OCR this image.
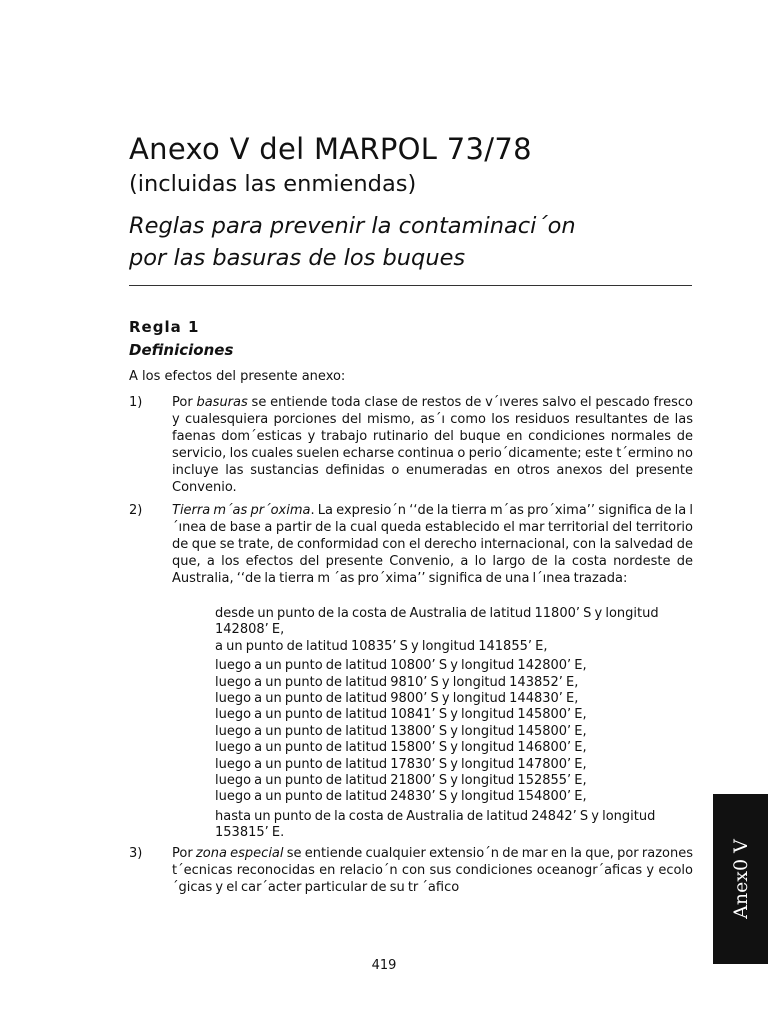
Anexo V del MARPOL 73/78
(incluidas las enmiendas)
Reglas para prevenir la contaminaci´on
por las basuras de los buques
Regla 1
Definiciones
A los efectos del presente anexo:
1) Por basuras se entiende toda clase de restos de v´ıveres salvo el pescado fresco y cualesquiera porciones del mismo, as´ı como los residuos resultantes de las faenas dom´esticas y trabajo rutinario del buque en condiciones normales de servicio, los cuales suelen echarse continua o perio´dicamente; este t´ermino no incluye las sustancias definidas o enumeradas en otros anexos del presente Convenio.
2) Tierra m´as pr´oxima. La expresio´n ‘‘de la tierra m´as pro´xima’’ significa de la l´ınea de base a partir de la cual queda establecido el mar territorial del territorio de que se trate, de conformidad con el derecho internacional, con la salvedad de que, a los efectos del presente Convenio, a lo largo de la costa nordeste de Australia, ‘‘de la tierra m ´as pro´xima’’ significa de una l´ınea trazada:
desde un punto de la costa de Australia de latitud 11800’ S y longitud 142808’ E,
a un punto de latitud 10835’ S y longitud 141855’ E,
luego a un punto de latitud 10800’ S y longitud 142800’ E,
luego a un punto de latitud 9810’ S y longitud 143852’ E,
luego a un punto de latitud 9800’ S y longitud 144830’ E,
luego a un punto de latitud 10841’ S y longitud 145800’ E,
luego a un punto de latitud 13800’ S y longitud 145800’ E,
luego a un punto de latitud 15800’ S y longitud 146800’ E,
luego a un punto de latitud 17830’ S y longitud 147800’ E,
luego a un punto de latitud 21800’ S y longitud 152855’ E,
luego a un punto de latitud 24830’ S y longitud 154800’ E,
hasta un punto de la costa de Australia de latitud 24842’ S y longitud 153815’ E.
3) Por zona especial se entiende cualquier extensio´n de mar en la que, por razones t´ecnicas reconocidas en relacio´n con sus condiciones oceanogr´aficas y ecolo´gicas y el car´acter particular de su tr ´afico
419
Anex0 V
